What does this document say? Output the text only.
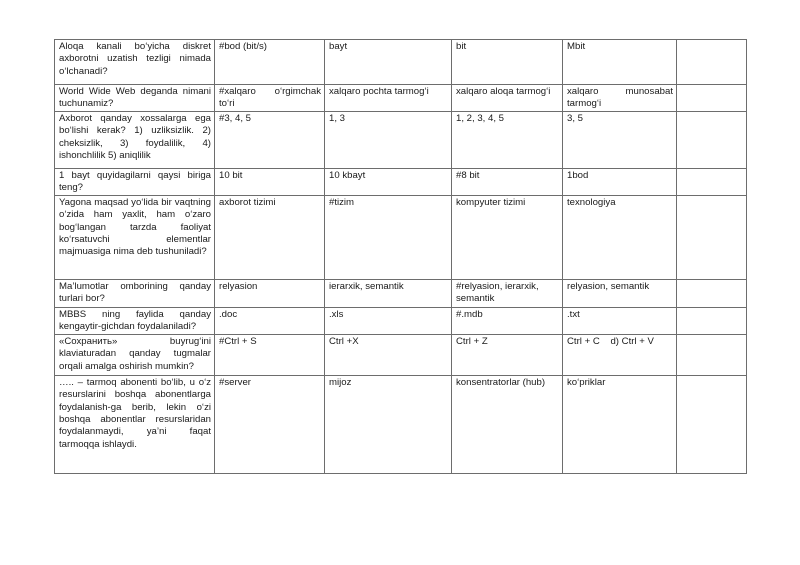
Aloqa kanali bo‘yicha diskret axborotni uzatish tezligi nimada o‘lchanadi?	#bod (bit/s)	bayt	bit	Mbit	
World Wide Web deganda nimani tuchunamiz?	#xalqaro o‘rgimchak to‘ri	xalqaro pochta tarmog‘i	xalqaro aloqa tarmog‘i	xalqaro munosabat tarmog‘i	
Axborot qanday xossalarga ega bo‘lishi kerak? 1) uzliksizlik. 2) cheksizlik, 3) foydalilik, 4) ishonchlilik 5) aniqlilik	#3, 4, 5	1, 3	1, 2, 3, 4, 5	3, 5	
1 bayt quyidagilarni qaysi biriga teng?	10 bit	10 kbayt	#8 bit	1bod	
Yagona maqsad yo‘lida bir vaqtning o‘zida ham yaxlit, ham o‘zaro bog‘langan tarzda faoliyat ko‘rsatuvchi elementlar majmuasiga nima deb tushuniladi?	axborot tizimi	#tizim	kompyuter tizimi	texnologiya	
Ma’lumotlar omborining qanday turlari bor?	relyasion	ierarxik, semantik	#relyasion, ierarxik, semantik	relyasion, semantik	
MBBS ning faylida qanday kengaytir-gichdan foydalaniladi?	.doc	.xls	#.mdb	.txt	
«Сохранить» buyrug‘ini klaviaturadan qanday tugmalar orqali amalga oshirish mumkin?	#Ctrl + S	Ctrl +X	Ctrl + Z	Ctrl + C    d) Ctrl + V	
….. – tarmoq abonenti bo‘lib, u o‘z resurslarini boshqa abonentlarga foydalanish-ga berib, lekin o‘zi boshqa abonentlar resurslaridan foydalanmaydi, ya’ni faqat tarmoqqa ishlaydi.	#server	mijoz	konsentratorlar (hub)	ko‘priklar	
